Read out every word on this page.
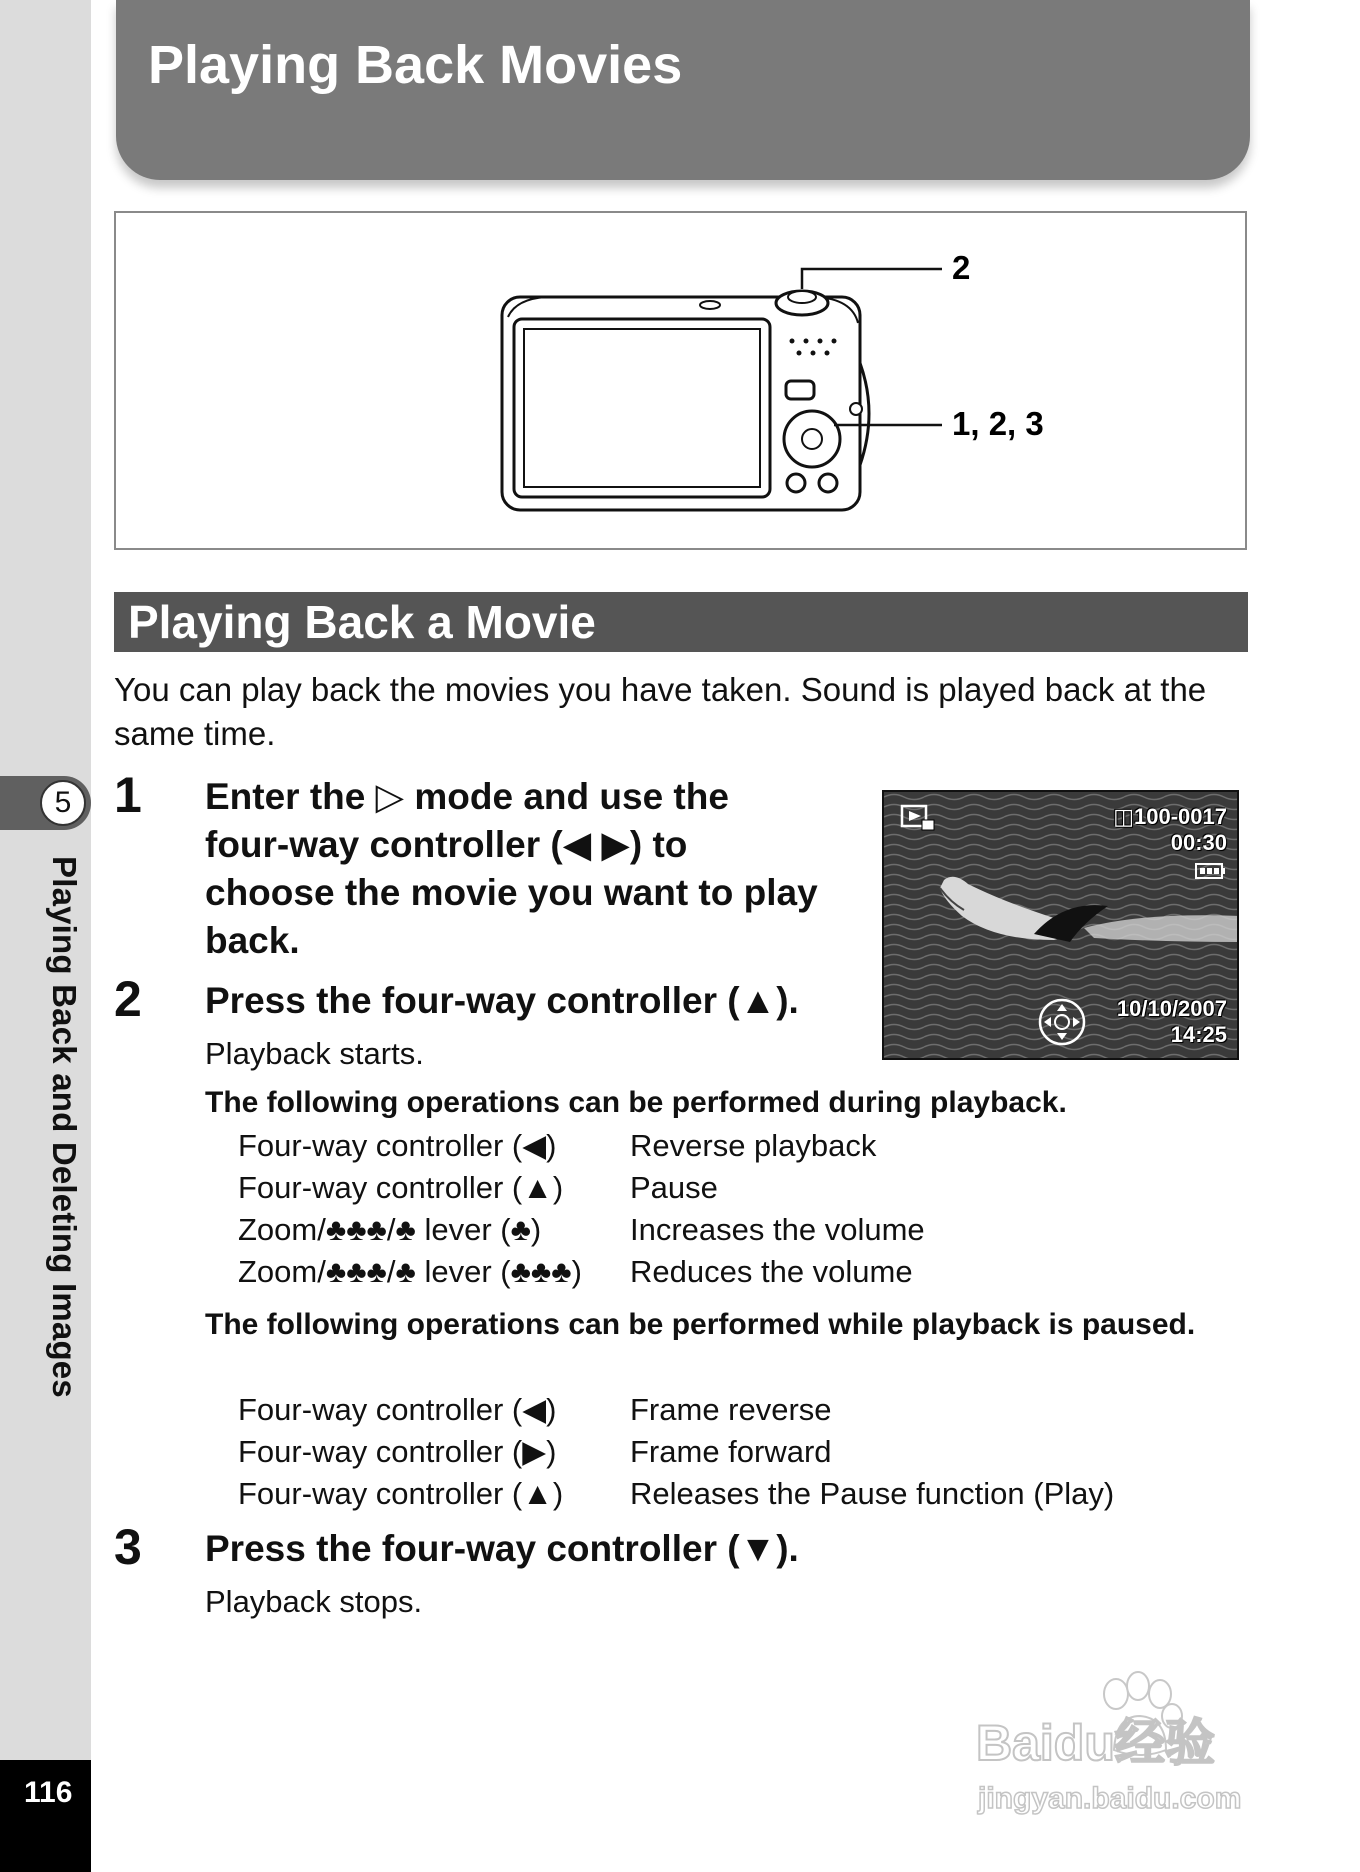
5
Playing Back and Deleting Images
116
Playing Back Movies
2
1, 2, 3
Playing Back a Movie

You can play back the movies you have taken. Sound is played back at the same time.

1 Enter the ▷ mode and use the
four-way controller (◀ ▶) to
choose the movie you want to play
back.
2 Press the four-way controller (▲).
Playback starts.
◫100-0017
00:30
10/10/2007
14:25
The following operations can be performed during playback.
Four-way controller (◀) Reverse playback
Four-way controller (▲) Pause
Zoom/♣♣♣/♣ lever (♣)	Increases the volume
Zoom/♣♣♣/♣ lever (♣♣♣) Reduces the volume
The following operations can be performed while playback is paused.
Four-way controller (◀) Frame reverse
Four-way controller (▶) Frame forward
Four-way controller (▲) Releases the Pause function (Play)
3 Press the four-way controller (▼).
Playback stops.
Baidu经验
jingyan.baidu.com
